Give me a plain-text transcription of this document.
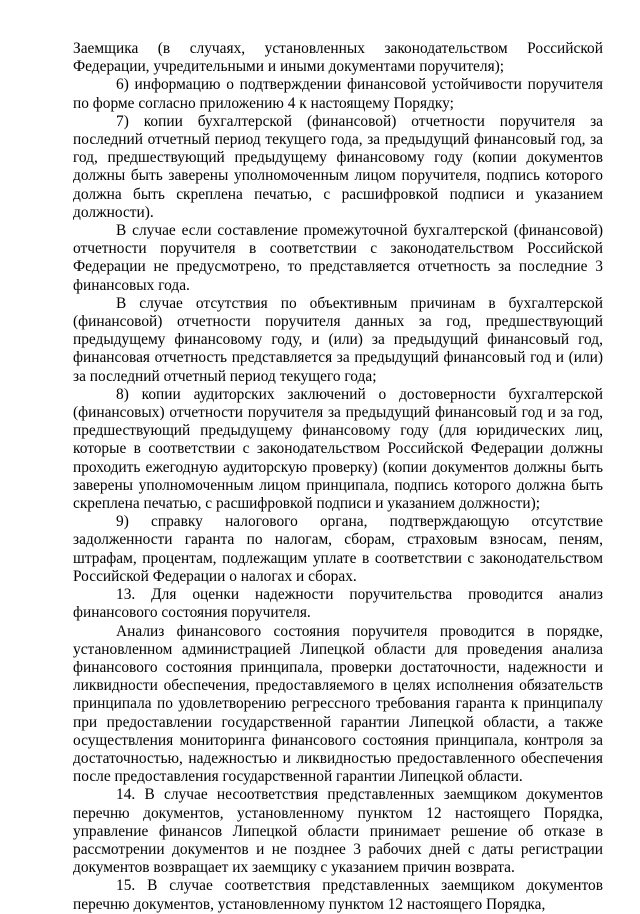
Заемщика (в случаях, установленных законодательством Российской Федерации, учредительными и иными документами поручителя);

6) информацию о подтверждении финансовой устойчивости поручителя по форме согласно приложению 4 к настоящему Порядку;

7) копии бухгалтерской (финансовой) отчетности поручителя за последний отчетный период текущего года, за предыдущий финансовый год, за год, предшествующий предыдущему финансовому году (копии документов должны быть заверены уполномоченным лицом поручителя, подпись которого должна быть скреплена печатью, с расшифровкой подписи и указанием должности).

В случае если составление промежуточной бухгалтерской (финансовой) отчетности поручителя в соответствии с законодательством Российской Федерации не предусмотрено, то представляется отчетность за последние 3 финансовых года.

В случае отсутствия по объективным причинам в бухгалтерской (финансовой) отчетности поручителя данных за год, предшествующий предыдущему финансовому году, и (или) за предыдущий финансовый год, финансовая отчетность представляется за предыдущий финансовый год и (или) за последний отчетный период текущего года;

8) копии аудиторских заключений о достоверности бухгалтерской (финансовых) отчетности поручителя за предыдущий финансовый год и за год, предшествующий предыдущему финансовому году (для юридических лиц, которые в соответствии с законодательством Российской Федерации должны проходить ежегодную аудиторскую проверку) (копии документов должны быть заверены уполномоченным лицом принципала, подпись которого должна быть скреплена печатью, с расшифровкой подписи и указанием должности);

9) справку налогового органа, подтверждающую отсутствие задолженности гаранта по налогам, сборам, страховым взносам, пеням, штрафам, процентам, подлежащим уплате в соответствии с законодательством Российской Федерации о налогах и сборах.

13. Для оценки надежности поручительства проводится анализ финансового состояния поручителя.

Анализ финансового состояния поручителя проводится в порядке, установленном администрацией Липецкой области для проведения анализа финансового состояния принципала, проверки достаточности, надежности и ликвидности обеспечения, предоставляемого в целях исполнения обязательств принципала по удовлетворению регрессного требования гаранта к принципалу при предоставлении государственной гарантии Липецкой области, а также осуществления мониторинга финансового состояния принципала, контроля за достаточностью, надежностью и ликвидностью предоставленного обеспечения после предоставления государственной гарантии Липецкой области.

14. В случае несоответствия представленных заемщиком документов перечню документов, установленному пунктом 12 настоящего Порядка, управление финансов Липецкой области принимает решение об отказе в рассмотрении документов и не позднее 3 рабочих дней с даты регистрации документов возвращает их заемщику с указанием причин возврата.

15. В случае соответствия представленных заемщиком документов перечню документов, установленному пунктом 12 настоящего Порядка,
